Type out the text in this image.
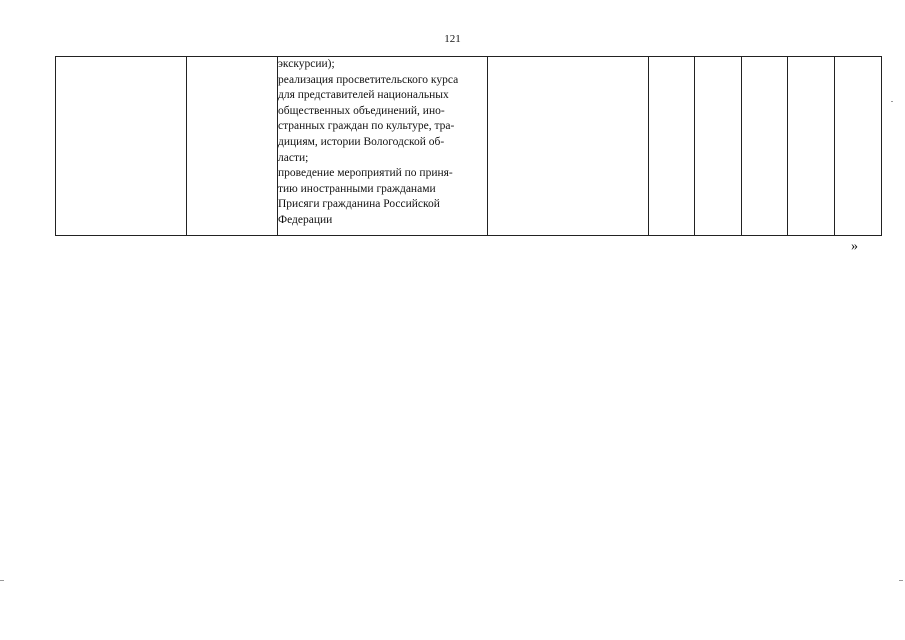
121

экскурсии);
реализация просветительского курса
для представителей национальных
общественных объединений, ино-
странных граждан по культуре, тра-
дициям, истории Вологодской об-
ласти;
проведение мероприятий по приня-
тию иностранными гражданами
Присяги гражданина Российской
Федерации

»
